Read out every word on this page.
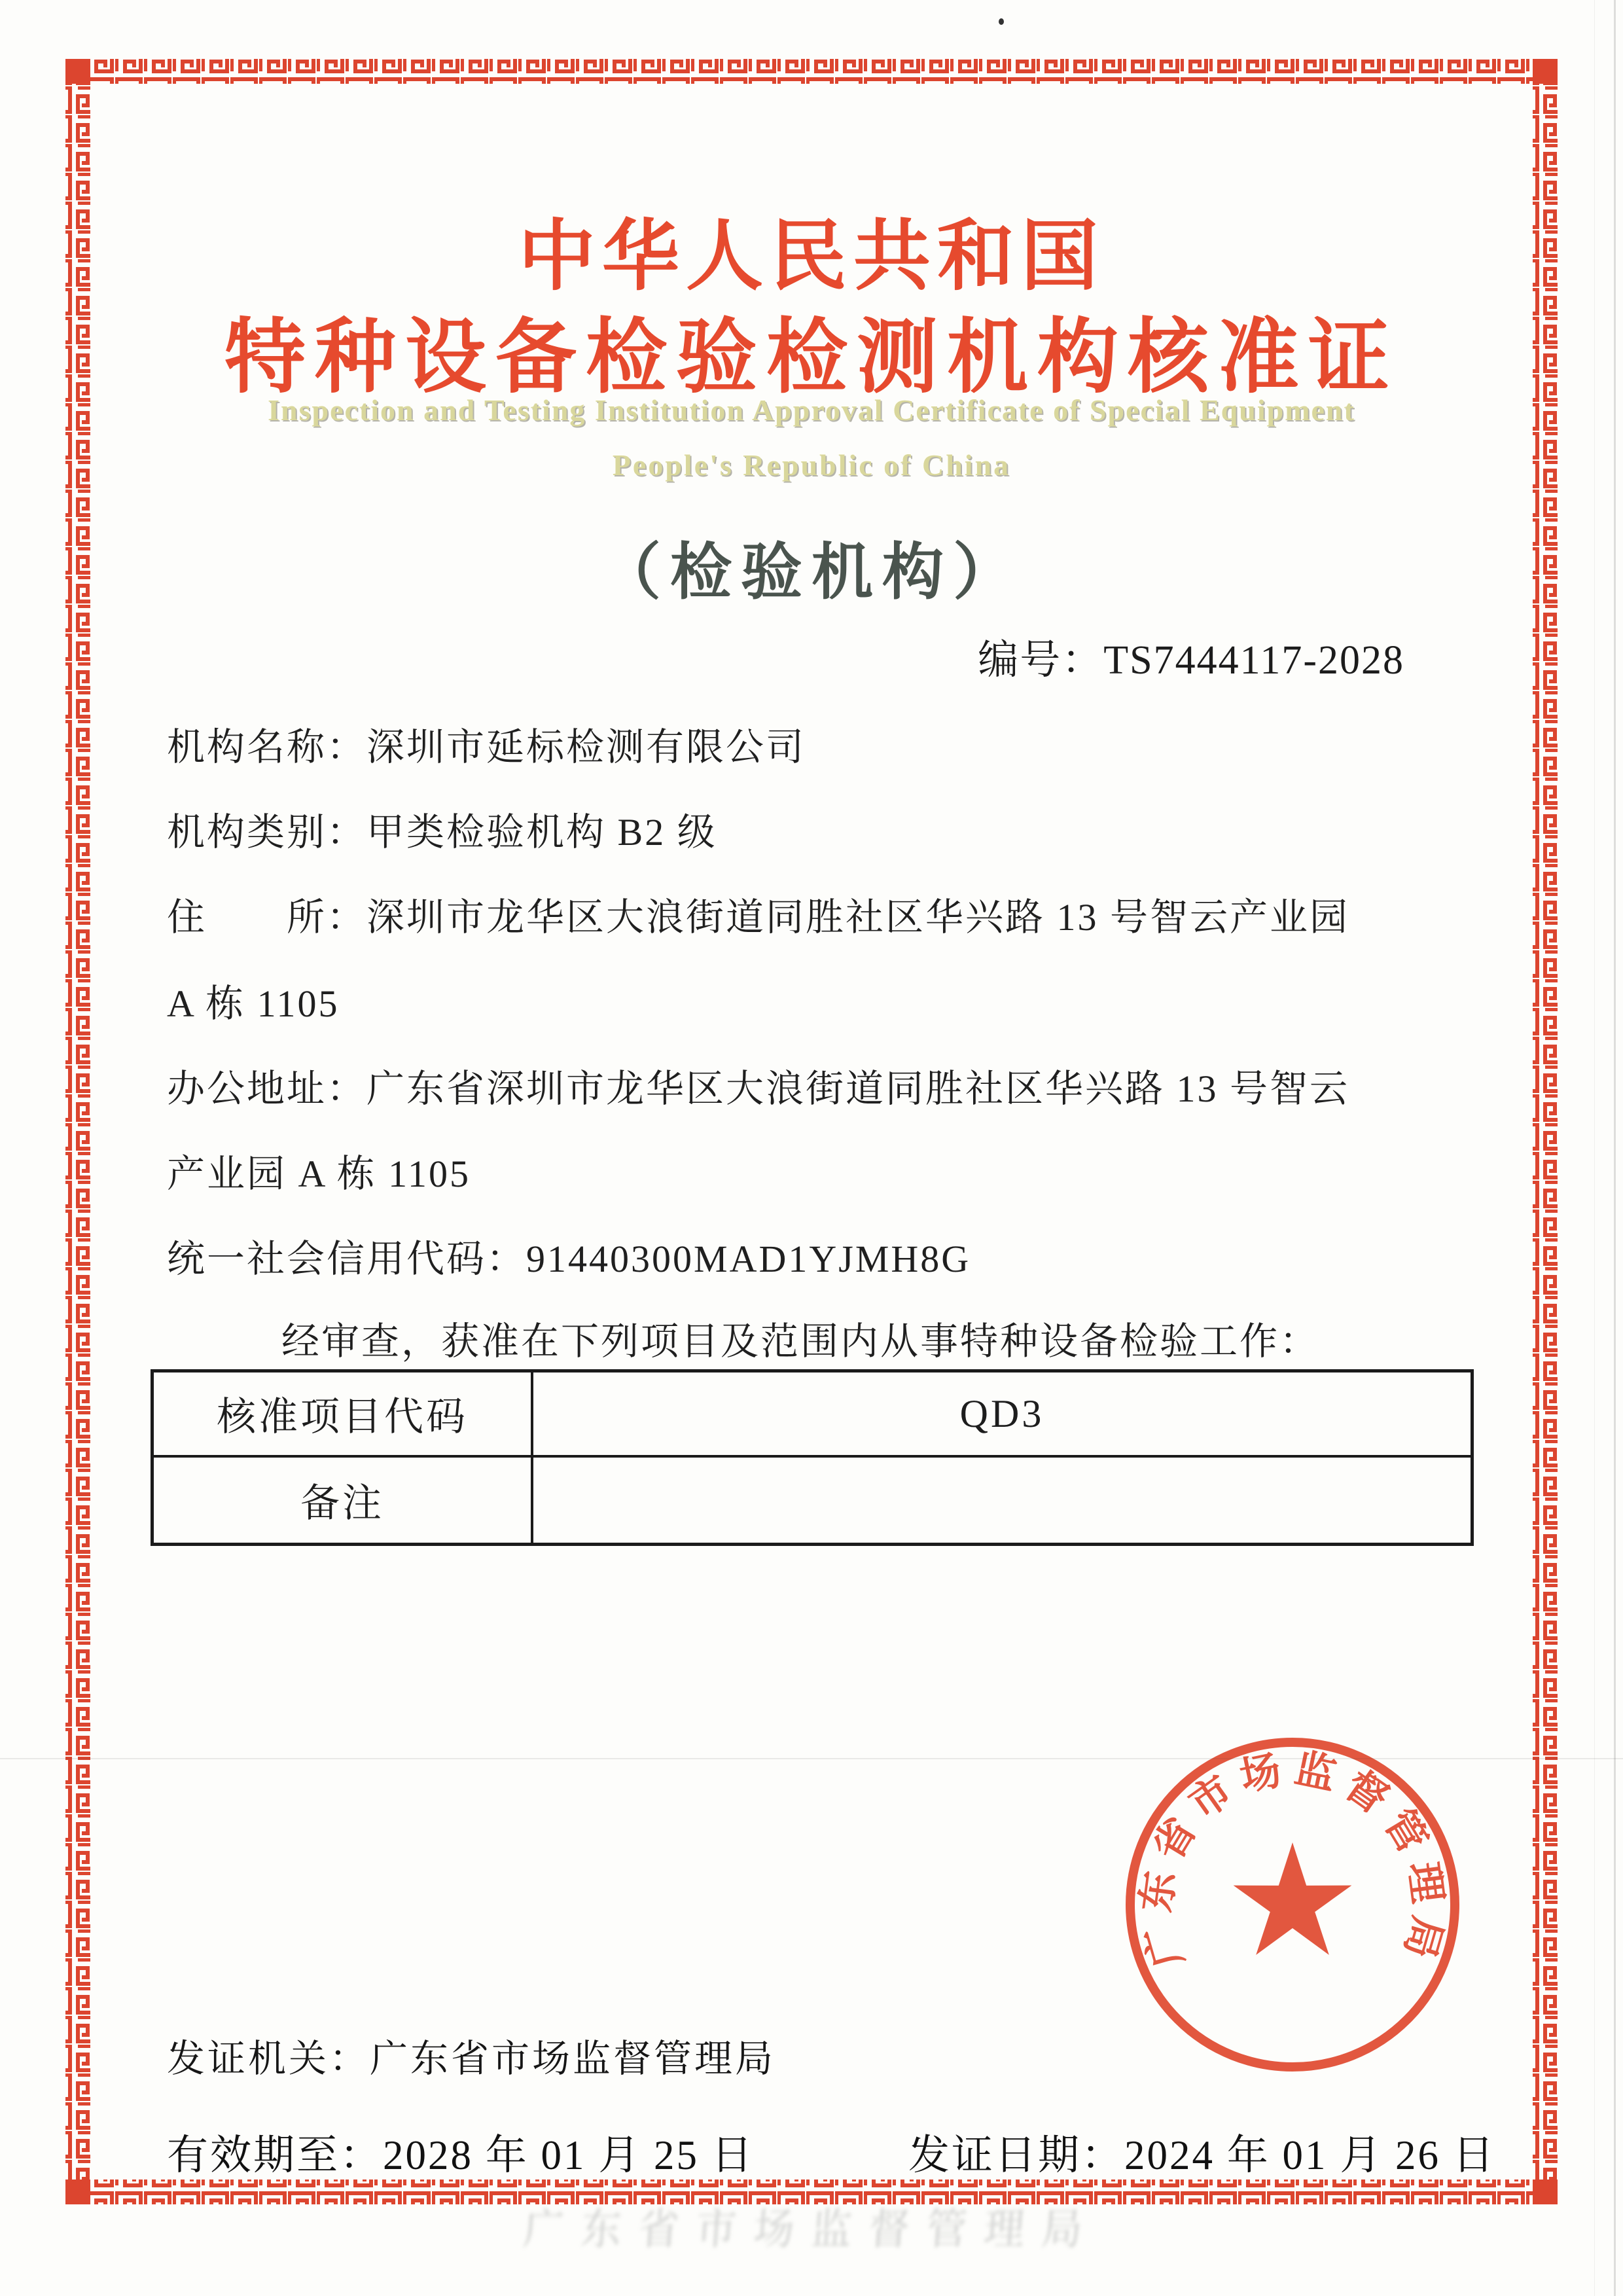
中华人民共和国
特种设备检验检测机构核准证
Inspection and Testing Institution Approval Certificate of Special Equipment
People's Republic of China
（检验机构）
编号：TS7444117-2028
机构名称：深圳市延标检测有限公司
机构类别：甲类检验机构 B2 级
住　　所：深圳市龙华区大浪街道同胜社区华兴路 13 号智云产业园
A 栋 1105
办公地址：广东省深圳市龙华区大浪街道同胜社区华兴路 13 号智云
产业园 A 栋 1105
统一社会信用代码：91440300MAD1YJMH8G
经审查，获准在下列项目及范围内从事特种设备检验工作：
核准项目代码	QD3
备注
广东省市场监督管理局
发证机关：广东省市场监督管理局
有效期至：2028 年 01 月 25 日	发证日期：2024 年 01 月 26 日
广东省市场监督管理局
